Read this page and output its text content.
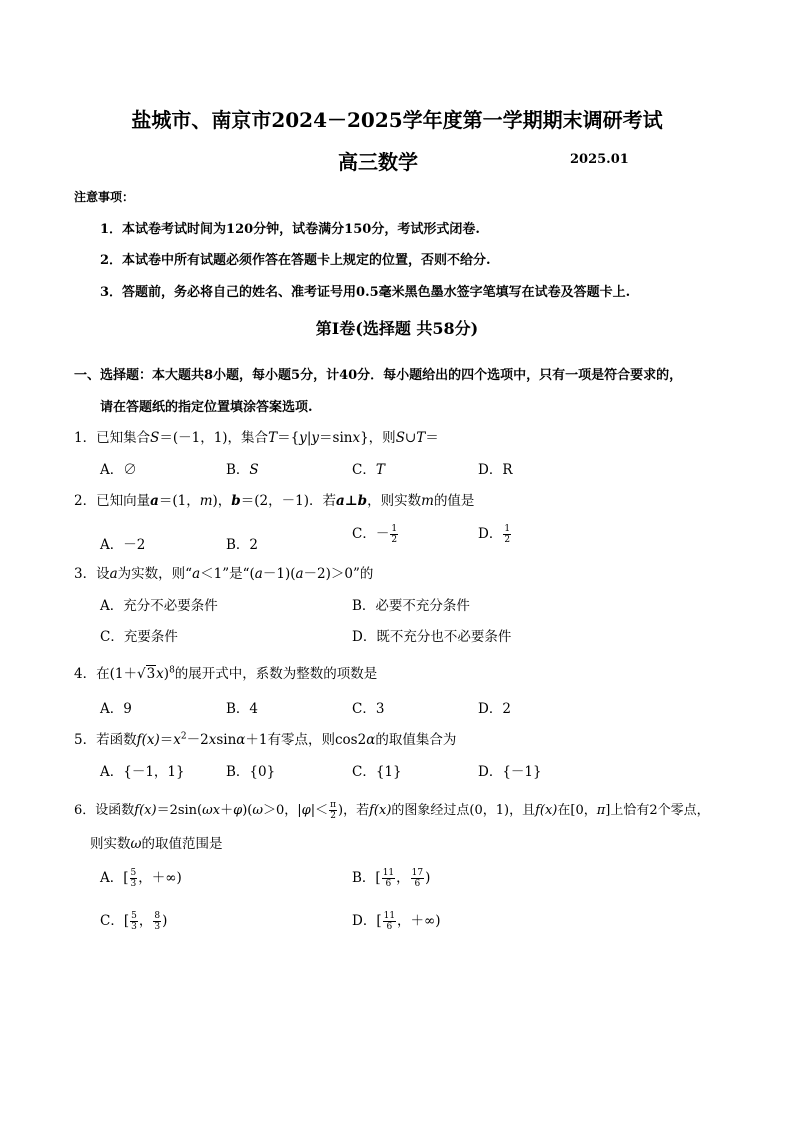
盐城市、南京市2024－2025学年度第一学期期末调研考试
高三数学	2025.01
注意事项：
1．本试卷考试时间为120分钟，试卷满分150分，考试形式闭卷.
2．本试卷中所有试题必须作答在答题卡上规定的位置，否则不给分.
3．答题前，务必将自己的姓名、准考证号用0.5毫米黑色墨水签字笔填写在试卷及答题卡上.
第Ⅰ卷(选择题 共58分)
一、选择题：本大题共8小题，每小题5分，计40分．每小题给出的四个选项中，只有一项是符合要求的，
请在答题纸的指定位置填涂答案选项.
1．已知集合S＝(－1，1)，集合T＝{y|y＝sinx}，则S∪T＝
A．∅	B．S	C．T	D．R
2．已知向量a＝(1，m)，b＝(2，－1)．若a⊥b，则实数m的值是
A．－2	B．2
C．－ $\frac{1}{2}$	D． $\frac{1}{2}$
3．设a为实数，则“a＜1”是“(a－1)(a－2)＞0”的
A．充分不必要条件	B．必要不充分条件
C．充要条件	D．既不充分也不必要条件
4．在$(1+√3x)^8$的展开式中，系数为整数的项数是
A．9	B．4	C．3	D．2
5．若函数$f(x)=x^2-2xsin\alpha+1$有零点，则cos2α的取值集合为
A．{－1，1}	B．{0}	C．{1}	D．{－1}
6．设函数f(x)＝2sin(ωx＋φ)(ω＞0，$|\varphi|< \frac{\pi}{2}$ )，若f(x)的图象经过点(0，1)，且f(x)在[0，π]上恰有2个零点，
则实数ω的取值范围是
A．[ $\frac{5}{3}$ ，＋∞)	B．[ $\frac{11}{6}$ ， $\frac{17}{6}$ )
C．[ $\frac{5}{3}$ ， $\frac{8}{3}$ )	D．[ $\frac{11}{6}$ ，＋∞)
